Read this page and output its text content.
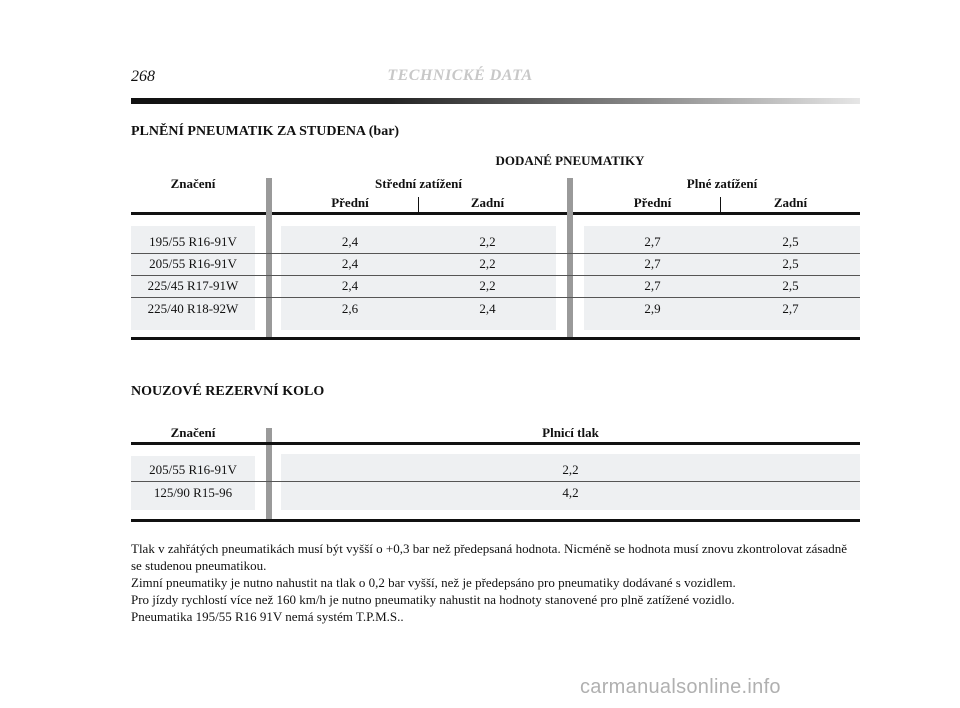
268	TECHNICKÉ DATA
PLNĚNÍ PNEUMATIK ZA STUDENA (bar)
DODANÉ PNEUMATIKY
Značení	Střední zatížení	Plné zatížení
Přední	Zadní	Přední	Zadní
195/55 R16-91V	2,4	2,2	2,7	2,5
205/55 R16-91V	2,4	2,2	2,7	2,5
225/45 R17-91W	2,4	2,2	2,7	2,5
225/40 R18-92W	2,6	2,4	2,9	2,7
NOUZOVÉ REZERVNÍ KOLO
Značení	Plnicí tlak
205/55 R16-91V	2,2
125/90 R15-96	4,2

Tlak v zahřátých pneumatikách musí být vyšší o +0,3 bar než předepsaná hodnota. Nicméně se hodnota musí znovu zkontrolovat zásadně se studenou pneumatikou.

Zimní pneumatiky je nutno nahustit na tlak o 0,2 bar vyšší, než je předepsáno pro pneumatiky dodávané s vozidlem.

Pro jízdy rychlostí více než 160 km/h je nutno pneumatiky nahustit na hodnoty stanovené pro plně zatížené vozidlo.

Pneumatika 195/55 R16 91V nemá systém T.P.M.S..

carmanualsonline.info
